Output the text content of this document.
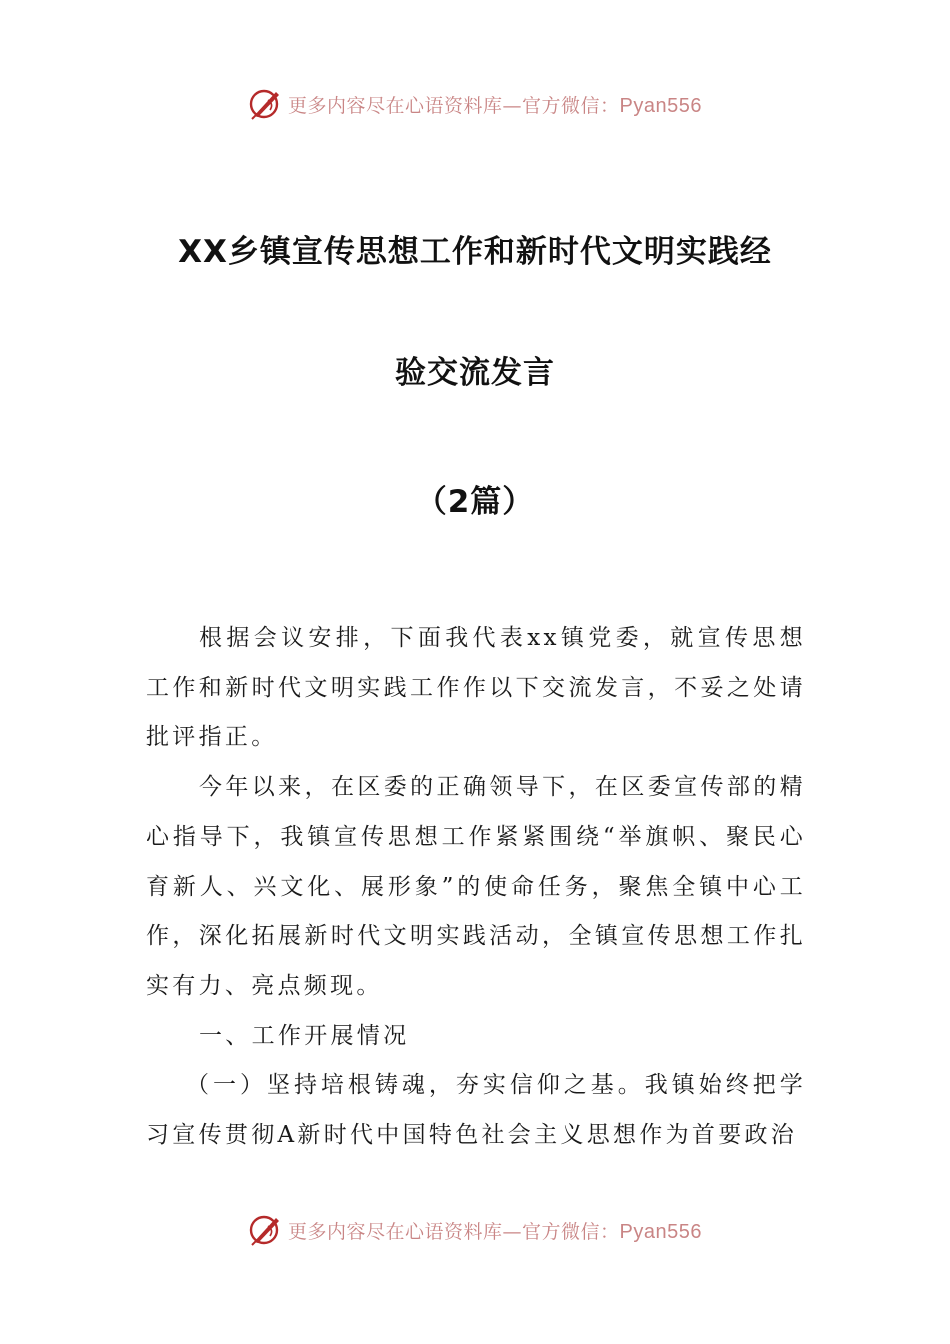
更多内容尽在心语资料库—官方微信：Pyan556
XX乡镇宣传思想工作和新时代文明实践经
验交流发言
（2篇）

根据会议安排，下面我代表xx镇党委，就宣传思想工作和新时代文明实践工作作以下交流发言，不妥之处请批评指正。

今年以来，在区委的正确领导下，在区委宣传部的精心指导下，我镇宣传思想工作紧紧围绕“举旗帜、聚民心育新人、兴文化、展形象”的使命任务，聚焦全镇中心工作，深化拓展新时代文明实践活动，全镇宣传思想工作扎实有力、亮点频现。

一、工作开展情况

（一）坚持培根铸魂，夯实信仰之基。我镇始终把学习宣传贯彻A新时代中国特色社会主义思想作为首要政治

更多内容尽在心语资料库—官方微信：Pyan556
